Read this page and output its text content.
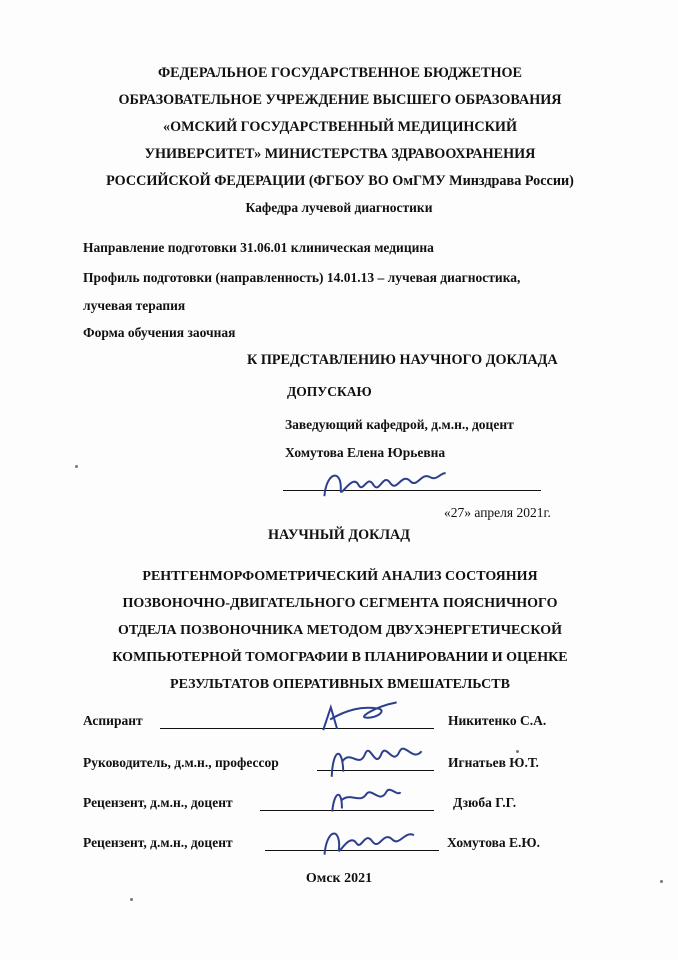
ФЕДЕРАЛЬНОЕ ГОСУДАРСТВЕННОЕ БЮДЖЕТНОЕ
ОБРАЗОВАТЕЛЬНОЕ УЧРЕЖДЕНИЕ ВЫСШЕГО ОБРАЗОВАНИЯ
«ОМСКИЙ ГОСУДАРСТВЕННЫЙ МЕДИЦИНСКИЙ
УНИВЕРСИТЕТ» МИНИСТЕРСТВА ЗДРАВООХРАНЕНИЯ
РОССИЙСКОЙ ФЕДЕРАЦИИ (ФГБОУ ВО ОмГМУ Минздрава России)
Кафедра лучевой диагностики
Направление подготовки 31.06.01 клиническая медицина
Профиль подготовки (направленность) 14.01.13 – лучевая диагностика,
лучевая терапия
Форма обучения заочная
К ПРЕДСТАВЛЕНИЮ НАУЧНОГО ДОКЛАДА
ДОПУСКАЮ
Заведующий кафедрой, д.м.н., доцент
Хомутова Елена Юрьевна
«27» апреля 2021г.
НАУЧНЫЙ ДОКЛАД
РЕНТГЕНМОРФОМЕТРИЧЕСКИЙ АНАЛИЗ СОСТОЯНИЯ
ПОЗВОНОЧНО-ДВИГАТЕЛЬНОГО СЕГМЕНТА ПОЯСНИЧНОГО
ОТДЕЛА ПОЗВОНОЧНИКА МЕТОДОМ ДВУХЭНЕРГЕТИЧЕСКОЙ
КОМПЬЮТЕРНОЙ ТОМОГРАФИИ В ПЛАНИРОВАНИИ И ОЦЕНКЕ
РЕЗУЛЬТАТОВ ОПЕРАТИВНЫХ ВМЕШАТЕЛЬСТВ
Аспирант	Никитенко С.А.
Руководитель, д.м.н., профессор	Игнатьев Ю.Т.
Рецензент, д.м.н., доцент	Дзюба Г.Г.
Рецензент, д.м.н., доцент	Хомутова Е.Ю.
Омск 2021
